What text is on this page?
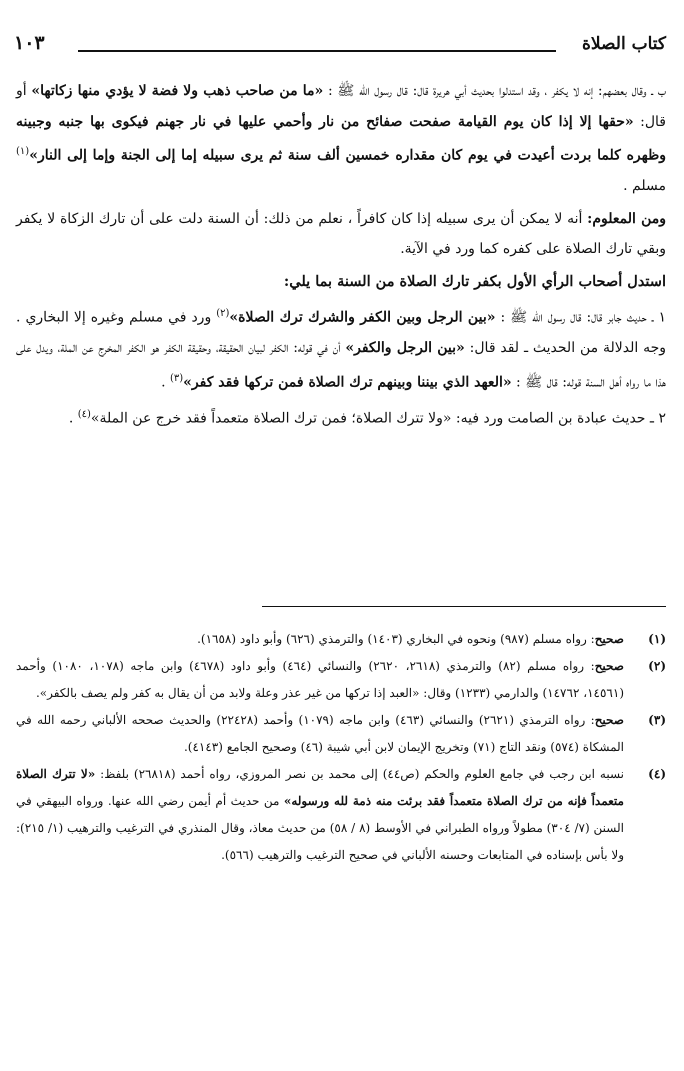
كتاب الصلاة
١٠٣

ب ـ وقال بعضهم: إنه لا يكفر ، وقد استدلوا بحديث أبي هريرة قال: قال رسول الله ﷺ : «ما من صاحب ذهب ولا فضة لا يؤدي منها زكاتها» أو قال: «حقها إلا إذا كان يوم القيامة صفحت صفائح من نار وأحمي عليها في نار جهنم فيكوى بها جنبه وجبينه وظهره كلما بردت أعيدت في يوم كان مقداره خمسين ألف سنة ثم يرى سبيله إما إلى الجنة وإما إلى النار»$^{(١)}$ مسلم .

ومن المعلوم: أنه لا يمكن أن يرى سبيله إذا كان كافراً ، نعلم من ذلك: أن السنة دلت على أن تارك الزكاة لا يكفر وبقي تارك الصلاة على كفره كما ورد في الآية.

استدل أصحاب الرأي الأول بكفر تارك الصلاة من السنة بما يلي:

١ ـ حديث جابر قال: قال رسول الله ﷺ : «بين الرجل وبين الكفر والشرك ترك الصلاة»$^{(٢)}$ ورد في مسلم وغيره إلا البخاري . وجه الدلالة من الحديث ـ لقد قال: «بين الرجل والكفر» أن في قوله: الكفر لبيان الحقيقة، وحقيقة الكفر هو الكفر المخرج عن الملة، ويدل على هذا ما رواه أهل السنة قوله: قال ﷺ : «العهد الذي بيننا وبينهم ترك الصلاة فمن تركها فقد كفر»$^{(٣)}$ .

٢ ـ حديث عبادة بن الصامت ورد فيه: «ولا تترك الصلاة؛ فمن ترك الصلاة متعمداً فقد خرج عن الملة»$^{(٤)}$ .

(١)
صحيح: رواه مسلم (٩٨٧) ونحوه في البخاري (١٤٠٣) والترمذي (٦٢٦) وأبو داود (١٦٥٨).
(٢)
صحيح: رواه مسلم (٨٢) والترمذي (٢٦١٨، ٢٦٢٠) والنسائي (٤٦٤) وأبو داود (٤٦٧٨) وابن ماجه (١٠٧٨، ١٠٨٠) وأحمد (١٤٥٦١، ١٤٧٦٢) والدارمي (١٢٣٣) وقال: «العبد إذا تركها من غير عذر وعلة ولابد من أن يقال به كفر ولم يصف بالكفر».
(٣)
صحيح: رواه الترمذي (٢٦٢١) والنسائي (٤٦٣) وابن ماجه (١٠٧٩) وأحمد (٢٢٤٢٨) والحديث صححه الألباني رحمه الله في المشكاة (٥٧٤) ونقد التاج (٧١) وتخريج الإيمان لابن أبي شيبة (٤٦) وصحيح الجامع (٤١٤٣).
(٤)
نسبه ابن رجب في جامع العلوم والحكم (ص٤٤) إلى محمد بن نصر المروزي، رواه أحمد (٢٦٨١٨) بلفظ: «لا تترك الصلاة متعمداً فإنه من ترك الصلاة متعمداً فقد برئت منه ذمة لله ورسوله» من حديث أم أيمن رضي الله عنها. ورواه البيهقي في السنن (٧/ ٣٠٤) مطولاً ورواه الطبراني في الأوسط (٨ / ٥٨) من حديث معاذ، وقال المنذري في الترغيب والترهيب (١/ ٢١٥): ولا بأس بإسناده في المتابعات وحسنه الألباني في صحيح الترغيب والترهيب (٥٦٦).
